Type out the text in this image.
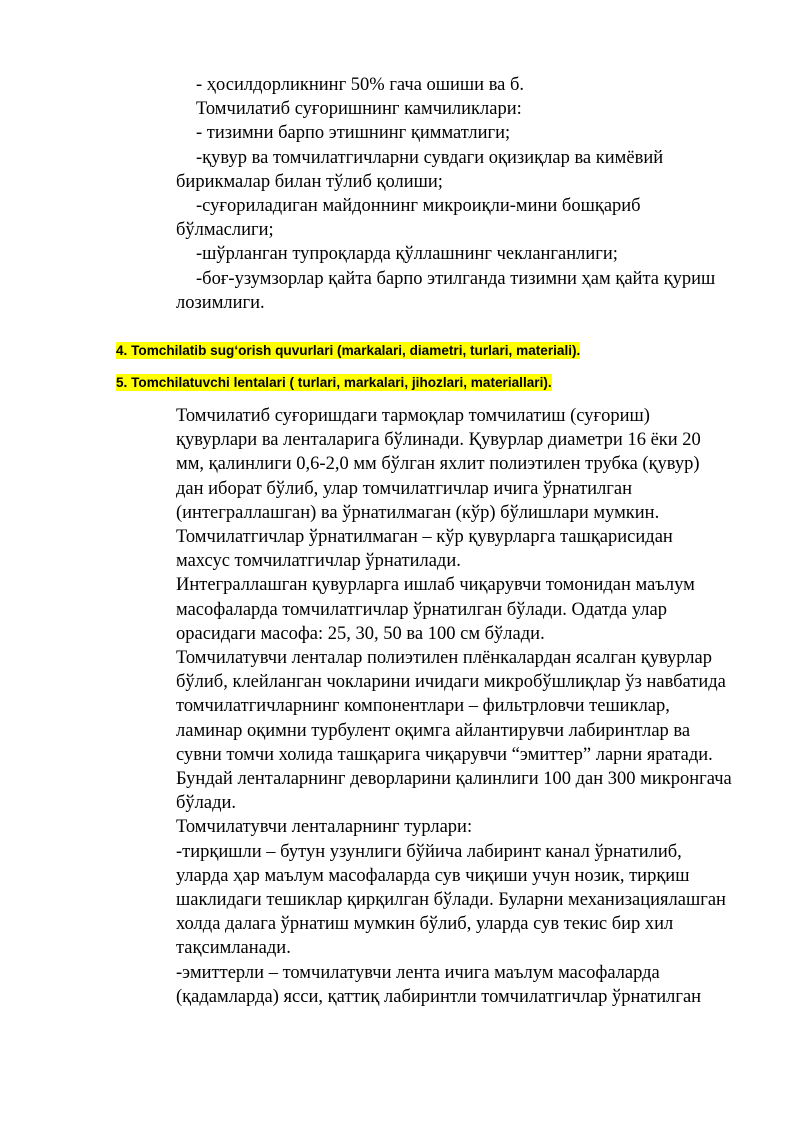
- ҳосилдорликнинг 50% гача ошиши ва б.

Томчилатиб суғоришнинг камчиликлари:

- тизимни барпо этишнинг қимматлиги;

-қувур ва томчилатгичларни сувдаги оқизиқлар ва кимёвий

бирикмалар билан тўлиб қолиши;

-суғориладиган майдоннинг микроиқли-мини бошқариб

бўлмаслиги;

-шўрланган тупроқларда қўллашнинг чекланганлиги;

-боғ-узумзорлар қайта барпо этилганда тизимни ҳам қайта қуриш

лозимлиги.

4. Tomchilatib sug‘orish quvurlari (markalari, diametri, turlari, materiali).
5. Tomchilatuvchi lentalari ( turlari, markalari, jihozlari, materiallari).

Томчилатиб суғоришдаги тармоқлар томчилатиш (суғориш)

қувурлари ва ленталарига бўлинади. Қувурлар диаметри 16 ёки 20

мм, қалинлиги 0,6-2,0 мм бўлган яхлит полиэтилен трубка (қувур)

дан иборат бўлиб, улар томчилатгичлар ичига ўрнатилган

(интеграллашган) ва ўрнатилмаган (кўр) бўлишлари мумкин.

Томчилатгичлар ўрнатилмаган – кўр қувурларга ташқарисидан

махсус томчилатгичлар ўрнатилади.

Интеграллашган қувурларга ишлаб чиқарувчи томонидан маълум

масофаларда томчилатгичлар ўрнатилган бўлади. Одатда улар

орасидаги масофа: 25, 30, 50 ва 100 см бўлади.

Томчилатувчи ленталар полиэтилен плёнкалардан ясалган қувурлар

бўлиб, клейланган чокларини ичидаги микробўшлиқлар ўз навбатида

томчилатгичларнинг компонентлари – фильтрловчи тешиклар,

ламинар оқимни турбулент оқимга айлантирувчи лабиринтлар ва

сувни томчи холида ташқарига чиқарувчи “эмиттер” ларни яратади.

Бундай ленталарнинг деворларини қалинлиги 100 дан 300 микронгача

бўлади.

Томчилатувчи ленталарнинг турлари:

-тирқишли – бутун узунлиги бўйича лабиринт канал ўрнатилиб,

уларда ҳар маълум масофаларда сув чиқиши учун нозик, тирқиш

шаклидаги тешиклар қирқилган бўлади. Буларни механизациялашган

холда далага ўрнатиш мумкин бўлиб, уларда сув текис бир хил

тақсимланади.

-эмиттерли – томчилатувчи лента ичига маълум масофаларда

(қадамларда) ясси, қаттиқ лабиринтли томчилатгичлар ўрнатилган
